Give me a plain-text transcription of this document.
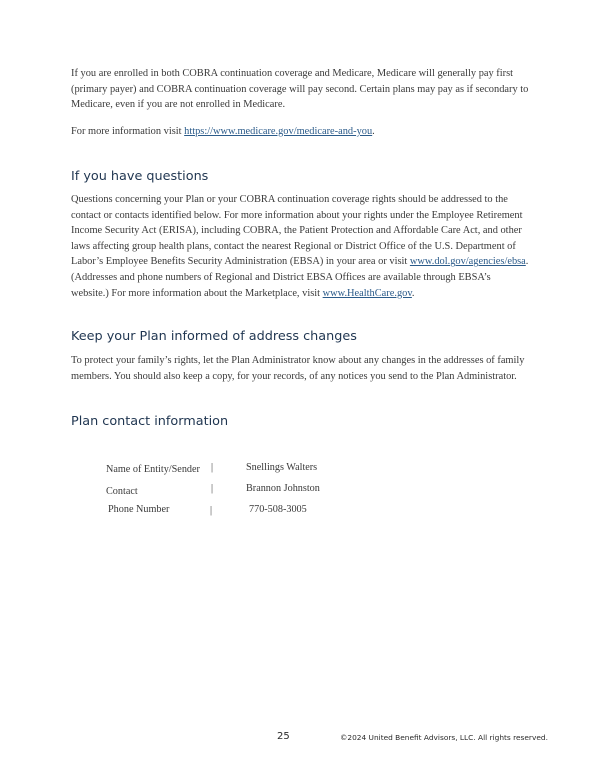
If you are enrolled in both COBRA continuation coverage and Medicare, Medicare will generally pay first (primary payer) and COBRA continuation coverage will pay second. Certain plans may pay as if secondary to Medicare, even if you are not enrolled in Medicare.

For more information visit https://www.medicare.gov/medicare-and-you.

If you have questions

Questions concerning your Plan or your COBRA continuation coverage rights should be addressed to the contact or contacts identified below. For more information about your rights under the Employee Retirement Income Security Act (ERISA), including COBRA, the Patient Protection and Affordable Care Act, and other laws affecting group health plans, contact the nearest Regional or District Office of the U.S. Department of Labor’s Employee Benefits Security Administration (EBSA) in your area or visit www.dol.gov/agencies/ebsa. (Addresses and phone numbers of Regional and District EBSA Offices are available through EBSA’s website.) For more information about the Marketplace, visit www.HealthCare.gov.

Keep your Plan informed of address changes

To protect your family’s rights, let the Plan Administrator know about any changes in the addresses of family members. You should also keep a copy, for your records, of any notices you send to the Plan Administrator.

Plan contact information
Name of Entity/Sender |	Snellings Walters
Contact	|	Brannon Johnston
Phone Number	|	770-508-3005
25	©2024 United Benefit Advisors, LLC. All rights reserved.
